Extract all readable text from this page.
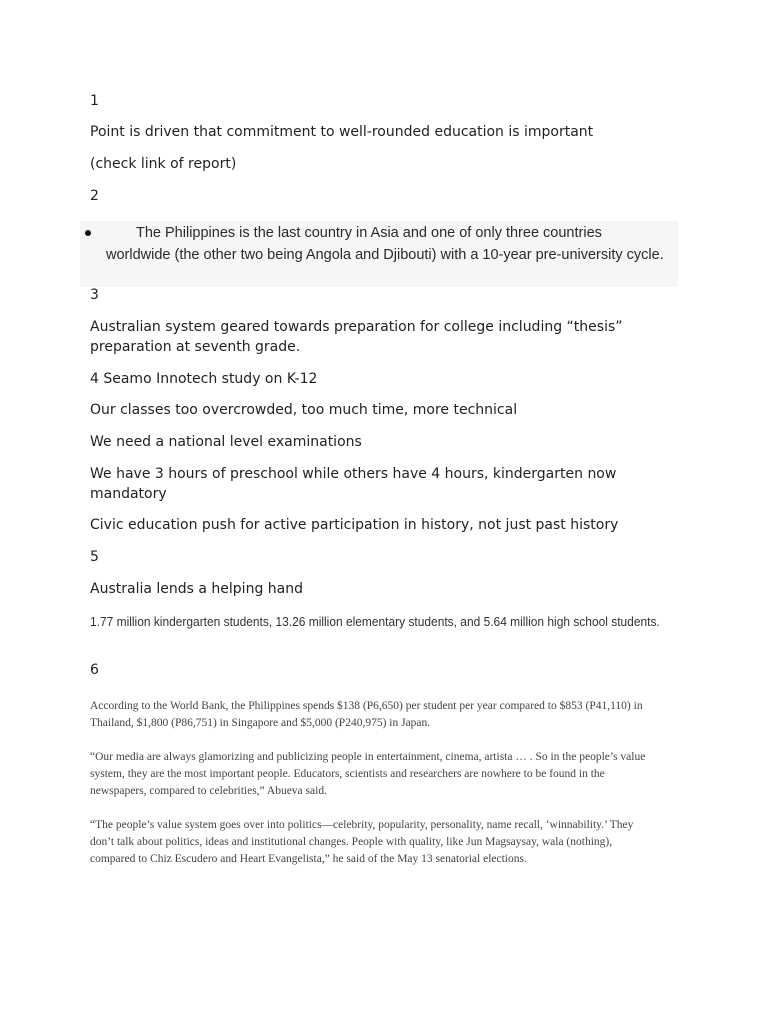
1

Point is driven that commitment to well-rounded education is important

(check link of report)

2

The Philippines is the last country in Asia and one of only three countries worldwide (the other two being Angola and Djibouti) with a 10-year pre-university cycle.

3

Australian system geared towards preparation for college including “thesis” preparation at seventh grade.

4 Seamo Innotech study on K-12

Our classes too overcrowded, too much time, more technical

We need a national level examinations

We have 3 hours of preschool while others have 4 hours, kindergarten now mandatory

Civic education push for active participation in history, not just past history

5

Australia lends a helping hand

1.77 million kindergarten students, 13.26 million elementary students, and 5.64 million high school students.

6

According to the World Bank, the Philippines spends $138 (P6,650) per student per year compared to $853 (P41,110) in Thailand, $1,800 (P86,751) in Singapore and $5,000 (P240,975) in Japan.

“Our media are always glamorizing and publicizing people in entertainment, cinema, artista … . So in the people’s value system, they are the most important people. Educators, scientists and researchers are nowhere to be found in the newspapers, compared to celebrities,” Abueva said.

“The people’s value system goes over into politics—celebrity, popularity, personality, name recall, ‘winnability.’ They don’t talk about politics, ideas and institutional changes. People with quality, like Jun Magsaysay, wala (nothing), compared to Chiz Escudero and Heart Evangelista,” he said of the May 13 senatorial elections.
